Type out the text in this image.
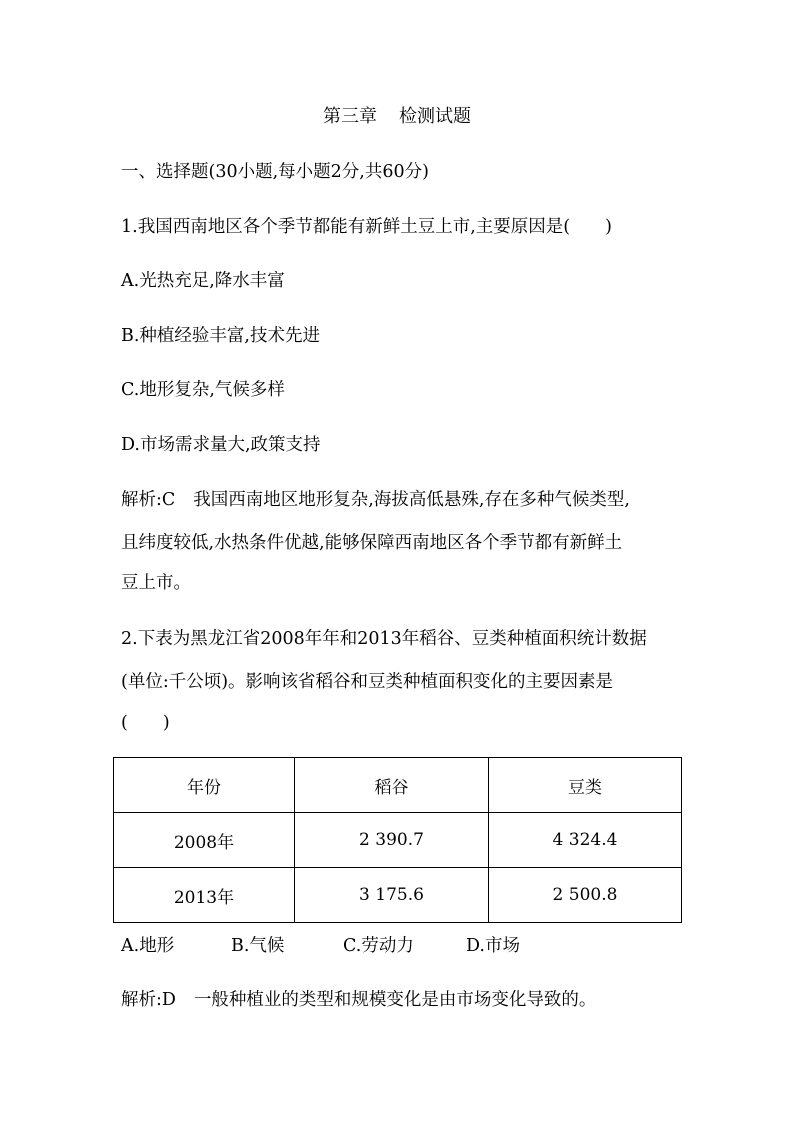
第三章 检测试题
一、选择题(30小题,每小题2分,共60分)
1.我国西南地区各个季节都能有新鲜土豆上市,主要原因是(　　)
A.光热充足,降水丰富
B.种植经验丰富,技术先进
C.地形复杂,气候多样
D.市场需求量大,政策支持
解析:C 我国西南地区地形复杂,海拔高低悬殊,存在多种气候类型,
且纬度较低,水热条件优越,能够保障西南地区各个季节都有新鲜土
豆上市。
2.下表为黑龙江省2008年年和2013年稻谷、豆类种植面积统计数据
(单位:千公顷)。影响该省稻谷和豆类种植面积变化的主要因素是
(　　)
年份	稻谷	豆类
2008年	2 390.7	4 324.4
2013年	3 175.6	2 500.8
A.地形	B.气候	C.劳动力	D.市场
解析:D 一般种植业的类型和规模变化是由市场变化导致的。
